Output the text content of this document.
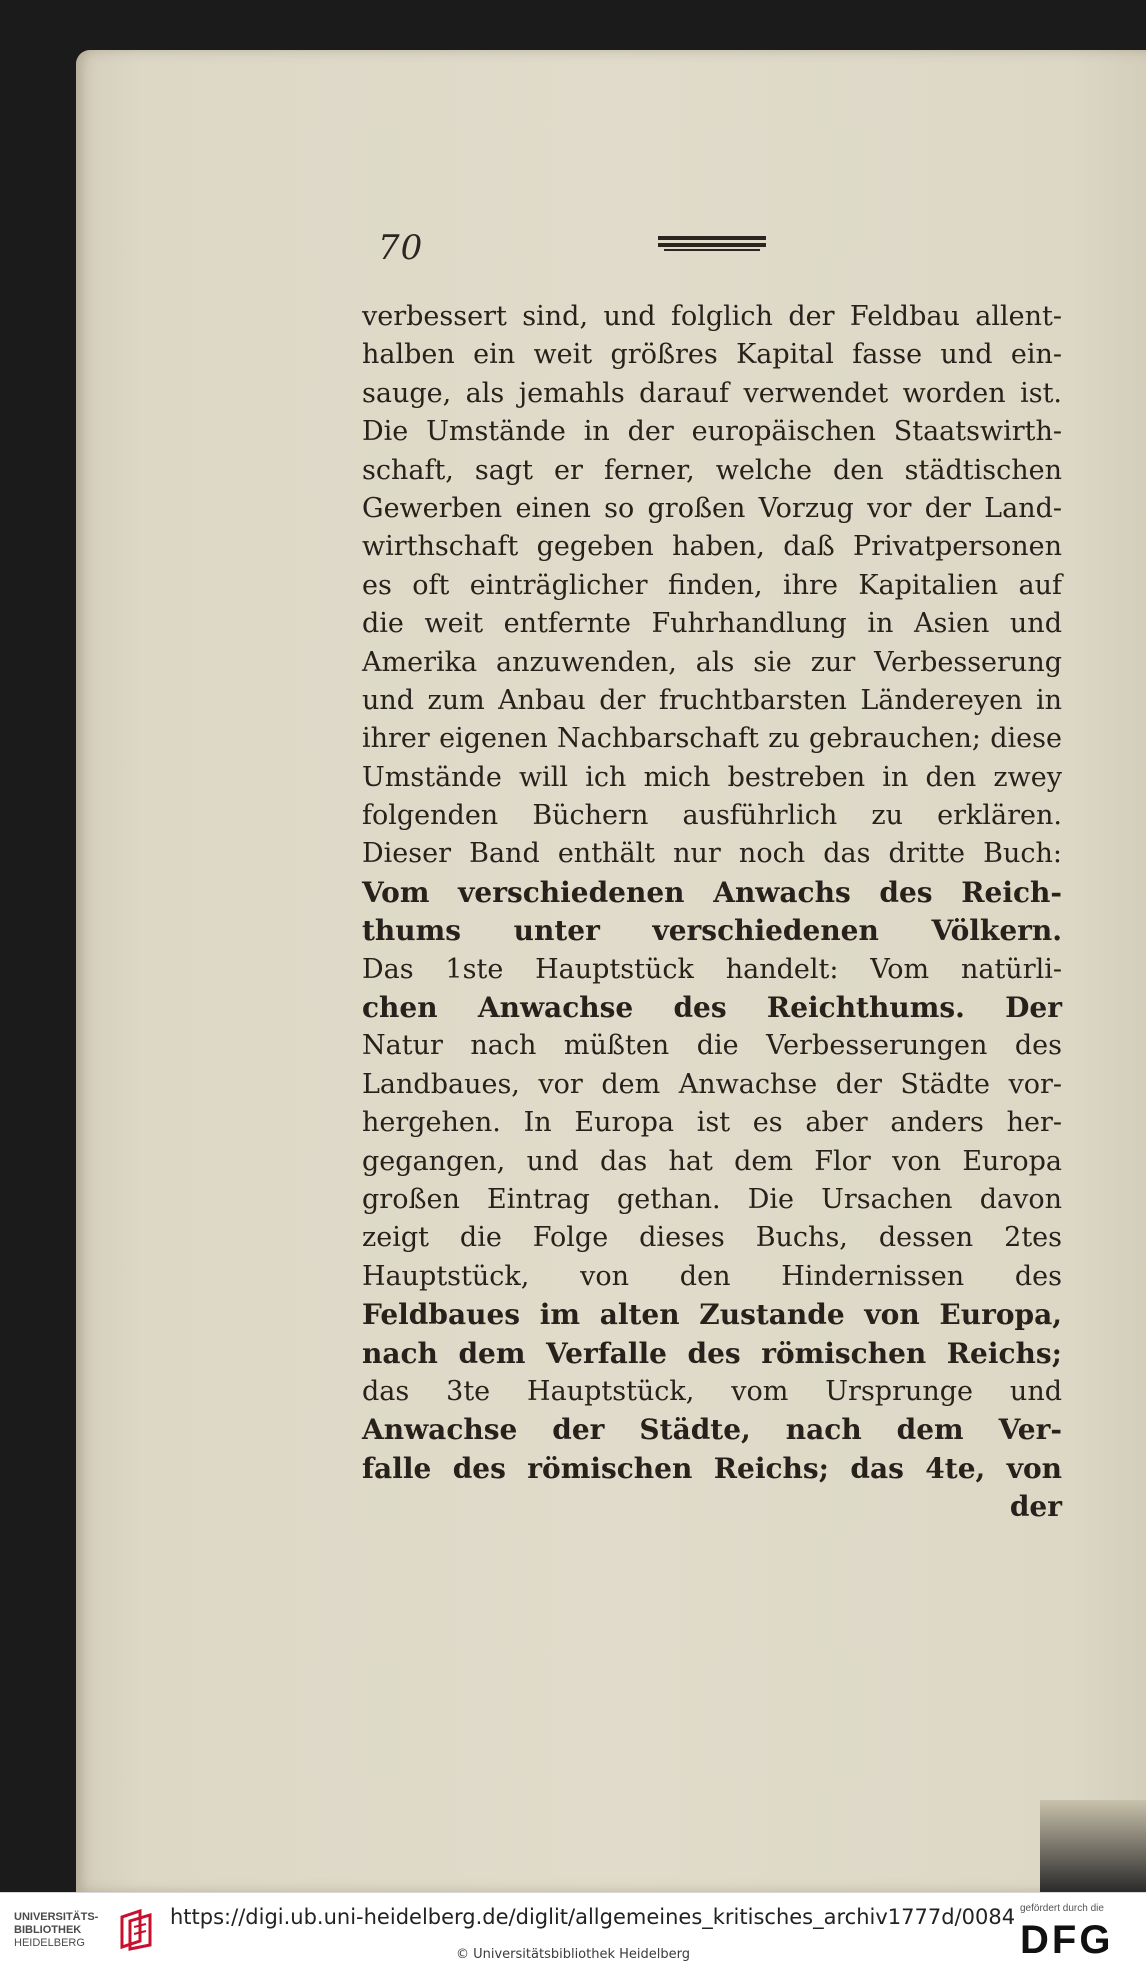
70
verbessert sind, und folglich der Feldbau allent-
halben ein weit größres Kapital fasse und ein-
sauge, als jemahls darauf verwendet worden ist.
Die Umstände in der europäischen Staatswirth-
schaft, sagt er ferner, welche den städtischen
Gewerben einen so großen Vorzug vor der Land-
wirthschaft gegeben haben, daß Privatpersonen
es oft einträglicher finden, ihre Kapitalien auf
die weit entfernte Fuhrhandlung in Asien und
Amerika anzuwenden, als sie zur Verbesserung
und zum Anbau der fruchtbarsten Ländereyen in
ihrer eigenen Nachbarschaft zu gebrauchen; diese
Umstände will ich mich bestreben in den zwey
folgenden Büchern ausführlich zu erklären.
Dieser Band enthält nur noch das dritte Buch:
Vom verschiedenen Anwachs des Reich-
thums unter verschiedenen Völkern.
Das 1ste Hauptstück handelt: Vom natürli-
chen Anwachse des Reichthums. Der
Natur nach müßten die Verbesserungen des
Landbaues, vor dem Anwachse der Städte vor-
hergehen. In Europa ist es aber anders her-
gegangen, und das hat dem Flor von Europa
großen Eintrag gethan. Die Ursachen davon
zeigt die Folge dieses Buchs, dessen 2tes
Hauptstück, von den Hindernissen des
Feldbaues im alten Zustande von Europa,
nach dem Verfalle des römischen Reichs;
das 3te Hauptstück, vom Ursprunge und
Anwachse der Städte, nach dem Ver-
falle des römischen Reichs; das 4te, von
der
UNIVERSITÄTS-
BIBLIOTHEK
HEIDELBERG
https://digi.ub.uni-heidelberg.de/diglit/allgemeines_kritisches_archiv1777d/0084
© Universitätsbibliothek Heidelberg
gefördert durch die
DFG
